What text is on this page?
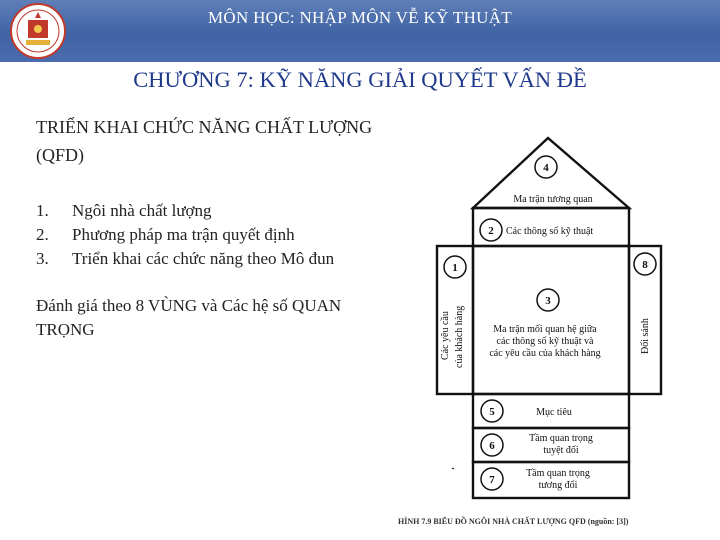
MÔN HỌC: NHẬP MÔN VỄ KỸ THUẬT
CHƯƠNG 7: KỸ NĂNG GIẢI QUYẾT VẤN ĐỀ
TRIỂN KHAI CHỨC NĂNG CHẤT LƯỢNG (QFD)
1. Ngôi nhà chất lượng
2. Phương pháp ma trận quyết định
3. Triển khai các chức năng theo Mô đun
Đánh giá theo 8 VÙNG và Các hệ số QUAN TRỌNG
4
2
1
3
8
5
6
7
Ma trận tương quan
Các thông số kỹ thuật
Ma trận mối quan hệ giữa
các thông số kỹ thuật và
các yêu cầu của khách hàng
Mục tiêu
Tầm quan trọng
tuyệt đối
Tầm quan trọng
tương đối
Các yêu cầu của khách hàng	Đối sánh
HÌNH 7.9 BIỂU ĐỒ NGÔI NHÀ CHẤT LƯỢNG QFD (nguồn: [3])
